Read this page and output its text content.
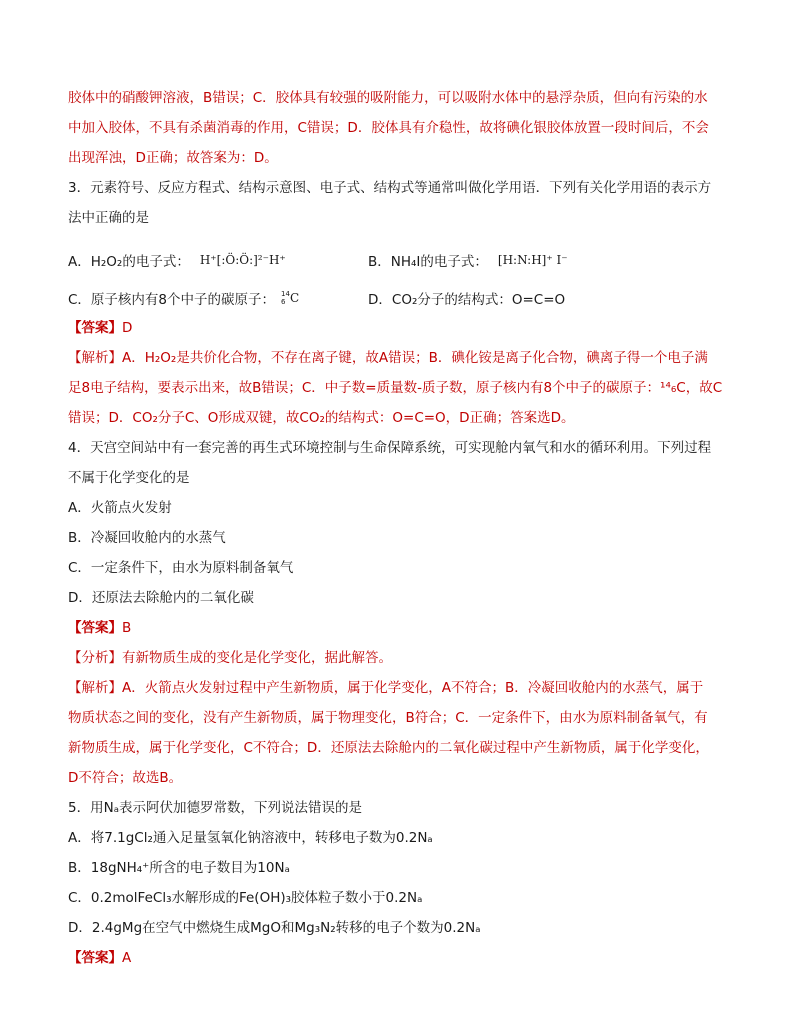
胶体中的硝酸钾溶液，B错误；C．胶体具有较强的吸附能力，可以吸附水体中的悬浮杂质，但向有污染的水
中加入胶体，不具有杀菌消毒的作用，C错误；D．胶体具有介稳性，故将碘化银胶体放置一段时间后，不会
出现浑浊，D正确；故答案为：D。
3．元素符号、反应方程式、结构示意图、电子式、结构式等通常叫做化学用语．下列有关化学用语的表示方
法中正确的是
A．H₂O₂的电子式： H⁺[:Ö:Ö:]²⁻H⁺	B．NH₄I的电子式： [H:N:H]⁺ I⁻
C．原子核内有8个中子的碳原子： 14
6 C	D．CO₂分子的结构式：O=C=O
【答案】D
【解析】A．H₂O₂是共价化合物，不存在离子键，故A错误；B．碘化铵是离子化合物，碘离子得一个电子满
足8电子结构，要表示出来，故B错误；C．中子数=质量数-质子数，原子核内有8个中子的碳原子：¹⁴₆C，故C
错误；D．CO₂分子C、O形成双键，故CO₂的结构式：O=C=O，D正确；答案选D。
4．天宫空间站中有一套完善的再生式环境控制与生命保障系统，可实现舱内氧气和水的循环利用。下列过程
不属于化学变化的是
A．火箭点火发射
B．冷凝回收舱内的水蒸气
C．一定条件下，由水为原料制备氧气
D．还原法去除舱内的二氧化碳
【答案】B
【分析】有新物质生成的变化是化学变化，据此解答。
【解析】A．火箭点火发射过程中产生新物质，属于化学变化，A不符合；B．冷凝回收舱内的水蒸气，属于
物质状态之间的变化，没有产生新物质，属于物理变化，B符合；C．一定条件下，由水为原料制备氧气，有
新物质生成，属于化学变化，C不符合；D．还原法去除舱内的二氧化碳过程中产生新物质，属于化学变化，
D不符合；故选B。
5．用Nₐ表示阿伏加德罗常数，下列说法错误的是
A．将7.1gCl₂通入足量氢氧化钠溶液中，转移电子数为0.2Nₐ
B．18gNH₄⁺所含的电子数目为10Nₐ
C．0.2molFeCl₃水解形成的Fe(OH)₃胶体粒子数小于0.2Nₐ
D．2.4gMg在空气中燃烧生成MgO和Mg₃N₂转移的电子个数为0.2Nₐ
【答案】A
